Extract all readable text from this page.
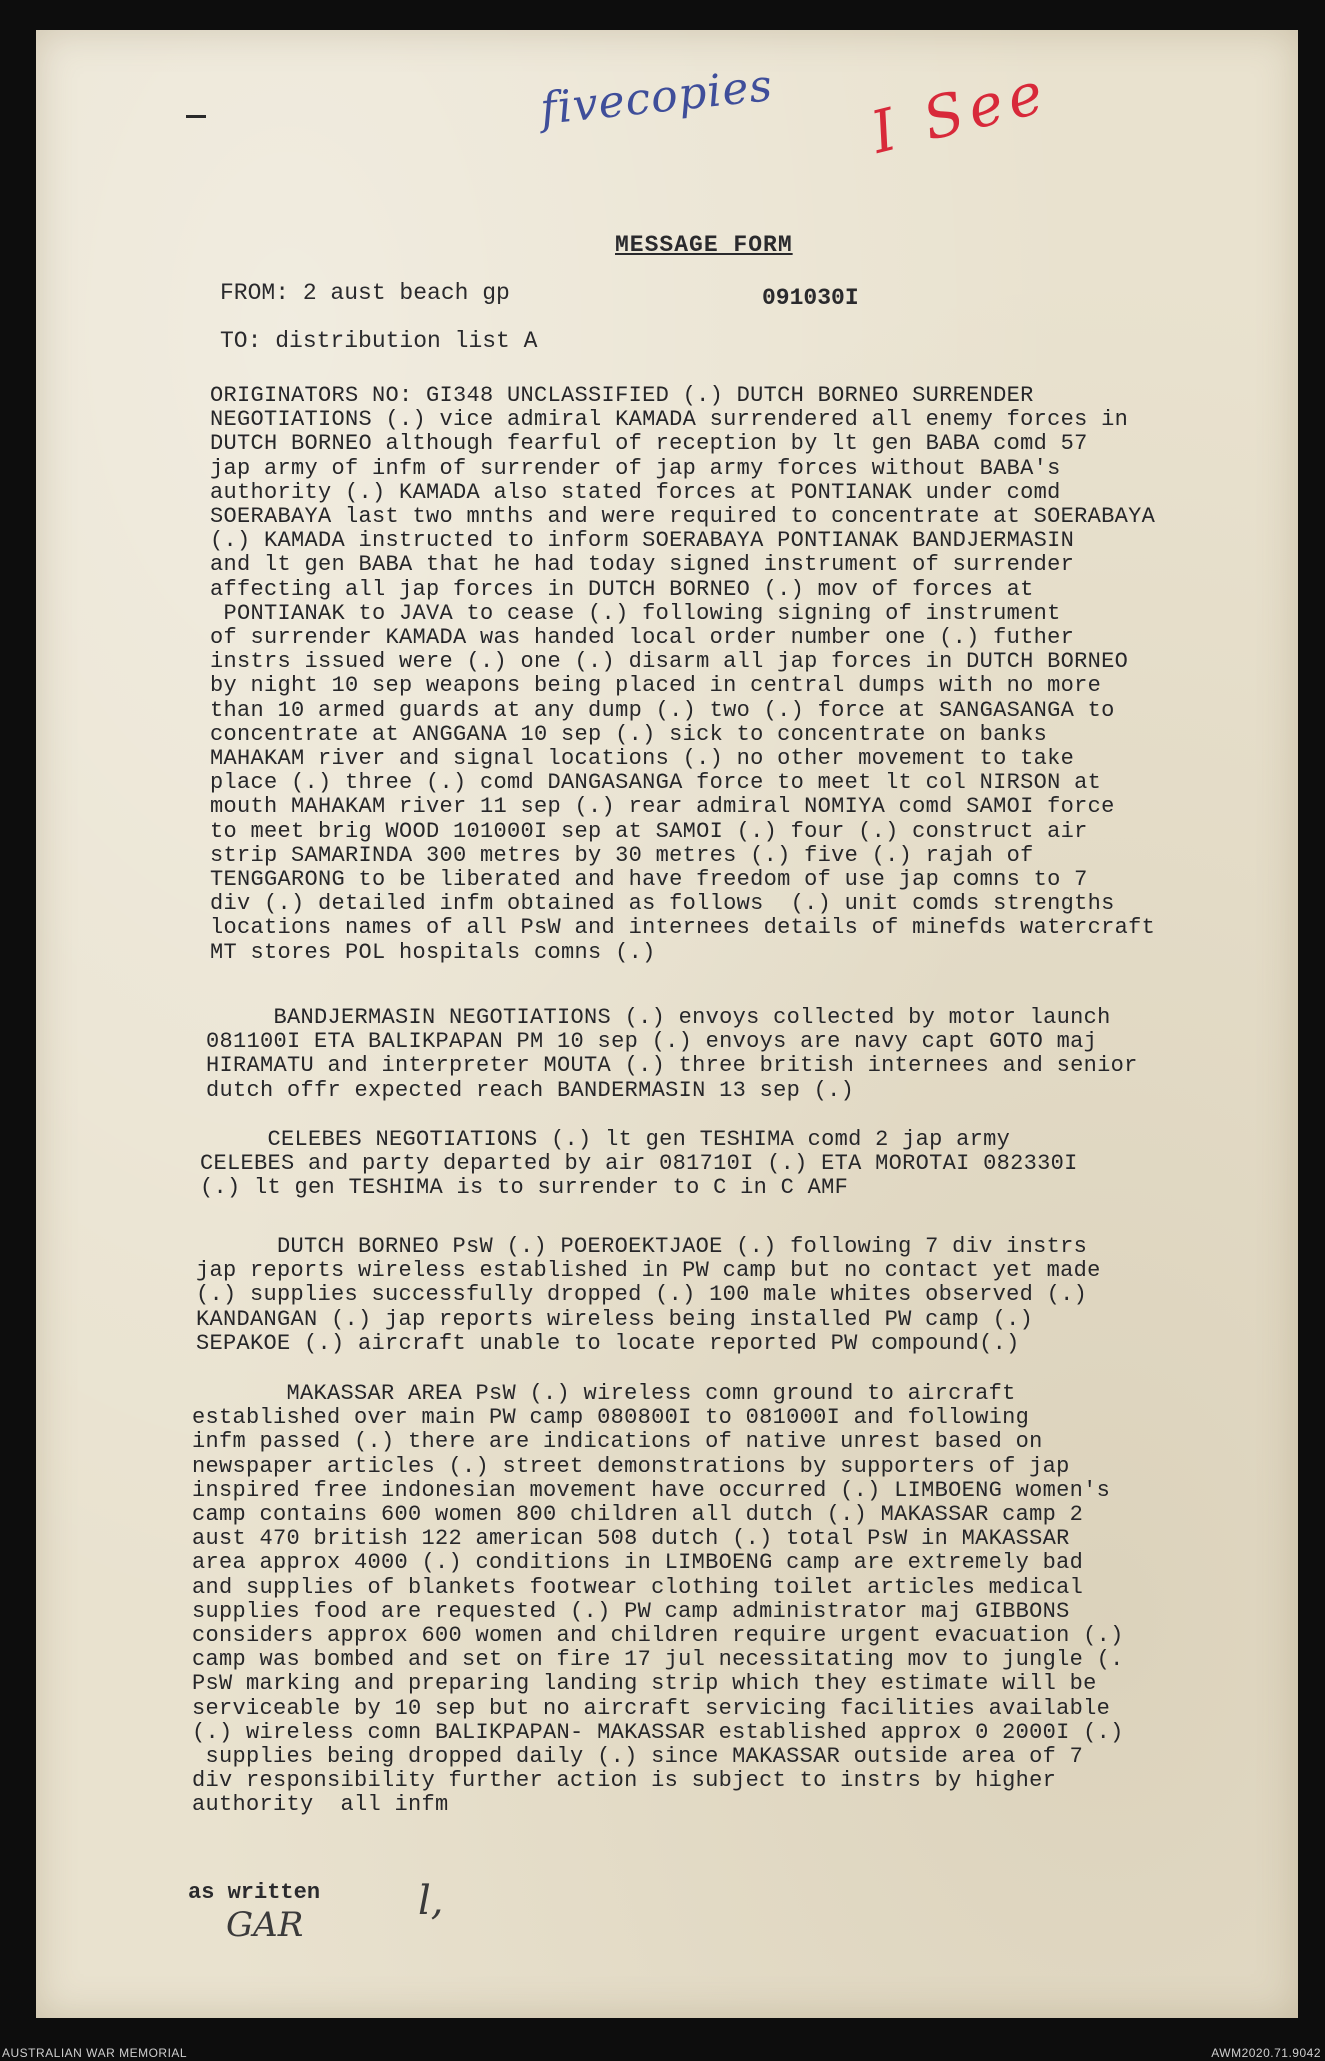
fivecopies I See
MESSAGE FORM
FROM: 2 aust beach gp	091030I
TO: distribution list A
ORIGINATORS NO: GI348 UNCLASSIFIED (.) DUTCH BORNEO SURRENDER
NEGOTIATIONS (.) vice admiral KAMADA surrendered all enemy forces in
DUTCH BORNEO although fearful of reception by lt gen BABA comd 57
jap army of infm of surrender of jap army forces without BABA's
authority (.) KAMADA also stated forces at PONTIANAK under comd
SOERABAYA last two mnths and were required to concentrate at SOERABAYA
(.) KAMADA instructed to inform SOERABAYA PONTIANAK BANDJERMASIN
and lt gen BABA that he had today signed instrument of surrender
affecting all jap forces in DUTCH BORNEO (.) mov of forces at
PONTIANAK to JAVA to cease (.) following signing of instrument
of surrender KAMADA was handed local order number one (.) futher
instrs issued were (.) one (.) disarm all jap forces in DUTCH BORNEO
by night 10 sep weapons being placed in central dumps with no more
than 10 armed guards at any dump (.) two (.) force at SANGASANGA to
concentrate at ANGGANA 10 sep (.) sick to concentrate on banks
MAHAKAM river and signal locations (.) no other movement to take
place (.) three (.) comd DANGASANGA force to meet lt col NIRSON at
mouth MAHAKAM river 11 sep (.) rear admiral NOMIYA comd SAMOI force
to meet brig WOOD 101000I sep at SAMOI (.) four (.) construct air
strip SAMARINDA 300 metres by 30 metres (.) five (.) rajah of
TENGGARONG to be liberated and have freedom of use jap comns to 7
div (.) detailed infm obtained as follows  (.) unit comds strengths
locations names of all PsW and internees details of minefds watercraft
MT stores POL hospitals comns (.)
BANDJERMASIN NEGOTIATIONS (.) envoys collected by motor launch
081100I ETA BALIKPAPAN PM 10 sep (.) envoys are navy capt GOTO maj
HIRAMATU and interpreter MOUTA (.) three british internees and senior
dutch offr expected reach BANDERMASIN 13 sep (.)
CELEBES NEGOTIATIONS (.) lt gen TESHIMA comd 2 jap army
CELEBES and party departed by air 081710I (.) ETA MOROTAI 082330I
(.) lt gen TESHIMA is to surrender to C in C AMF
DUTCH BORNEO PsW (.) POEROEKTJAOE (.) following 7 div instrs
jap reports wireless established in PW camp but no contact yet made
(.) supplies successfully dropped (.) 100 male whites observed (.)
KANDANGAN (.) jap reports wireless being installed PW camp (.)
SEPAKOE (.) aircraft unable to locate reported PW compound(.)
MAKASSAR AREA PsW (.) wireless comn ground to aircraft
established over main PW camp 080800I to 081000I and following
infm passed (.) there are indications of native unrest based on
newspaper articles (.) street demonstrations by supporters of jap
inspired free indonesian movement have occurred (.) LIMBOENG women's
camp contains 600 women 800 children all dutch (.) MAKASSAR camp 2
aust 470 british 122 american 508 dutch (.) total PsW in MAKASSAR
area approx 4000 (.) conditions in LIMBOENG camp are extremely bad
and supplies of blankets footwear clothing toilet articles medical
supplies food are requested (.) PW camp administrator maj GIBBONS
considers approx 600 women and children require urgent evacuation (.)
camp was bombed and set on fire 17 jul necessitating mov to jungle (.
PsW marking and preparing landing strip which they estimate will be
serviceable by 10 sep but no aircraft servicing facilities available
(.) wireless comn BALIKPAPAN- MAKASSAR established approx 0 2000I (.)
supplies being dropped daily (.) since MAKASSAR outside area of 7
div responsibility further action is subject to instrs by higher
authority  all infm
as written
GAR
l,
AUSTRALIAN WAR MEMORIAL	AWM2020.71.9042
